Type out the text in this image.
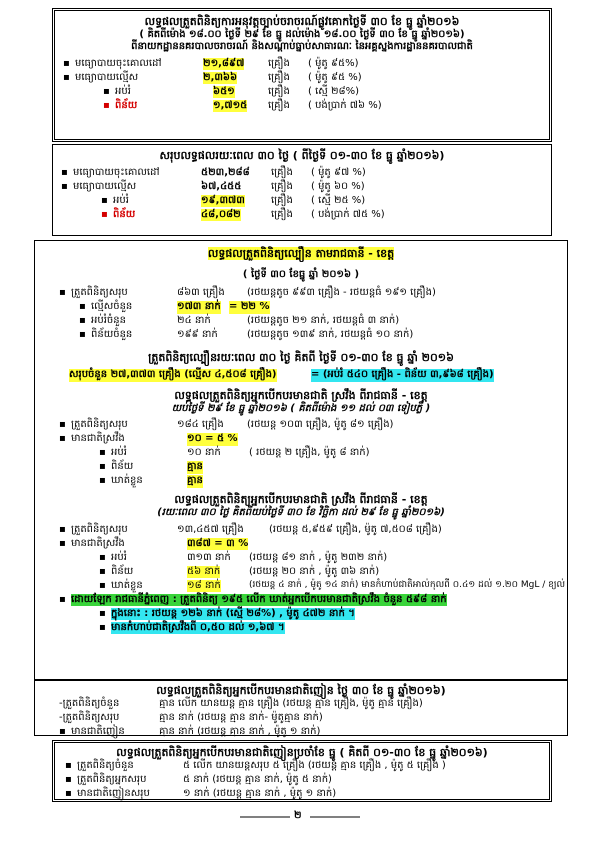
លទ្ធផលត្រួតពិនិត្យការអនុវត្តច្បាប់ចរាចរណ៍ផ្លូវគោកថ្ងៃទី ៣០ ខែ ធ្នូ ឆ្នាំ២០១៦
( គិតពីម៉ោង ១៨.០០ ថ្ងៃទី ២៩ ខែ ធ្នូ ដល់ម៉ោង ១៨.០០ ថ្ងៃទី ៣០ ខែ ធ្នូ ឆ្នាំ២០១៦)
ពីនាយកដ្ឋាននគរបាលចរាចរណ៍ និងសណ្តាប់ធ្នាប់សាធារណៈ នៃអគ្គស្នងការដ្ឋាននគរបាលជាតិ
▪ មធ្យោបាយចុះគោលដៅ	២១,៨៩៧ គ្រឿង ( ម៉ូតូ ៩៥%)
▪ មធ្យោបាយល្មើស	២,៣៦៦	គ្រឿង ( ម៉ូតូ ៩៥ %)
▪ អប់រំ	៦៥១	គ្រឿង ( ស្មើ ២៨%)
▪ ពិន័យ	១,៧១៥ គ្រឿង ( បង់ប្រាក់ ៧៦ %)
សរុបលទ្ធផលរយៈពេល ៣០ ថ្ងៃ ( ពីថ្ងៃទី ០១-៣០ ខែ ធ្នូ ឆ្នាំ២០១៦)
▪ មធ្យោបាយចុះគោលដៅ	៥២៣,២៨៨ គ្រឿង ( ម៉ូតូ ៩៧ %)
▪ មធ្យោបាយល្មើស	៦៧,៤៥៥	គ្រឿង ( ម៉ូតូ ៦០ %)
▪ អប់រំ	១៩,៣៧៣	គ្រឿង ( ស្មើ ២៥ %)
▪ ពិន័យ	៤៨,០៨២	គ្រឿង ( បង់ប្រាក់ ៧៥ %)
លទ្ធផលត្រួតពិនិត្យល្បឿន តាមរាជធានី - ខេត្ត
( ថ្ងៃទី ៣០ ខែធ្នូ ឆ្នាំ ២០១៦ )
▪ ត្រួតពិនិត្យសរុប	៨៦៣ គ្រឿង (រថយន្តតូច ៩៩៣ គ្រឿង - រថយន្តធំ ១៩១ គ្រឿង)
▪ ល្មើសចំនួន	១៧៣ នាក់ = ២២ %
▪ អប់រំចំនួន	២៤ នាក់	(រថយន្តតូច ២១ នាក់, រថយន្តធំ ៣ នាក់)
▪ ពិន័យចំនួន	១៩៩ នាក់	(រថយន្តតូច ១៣៩ នាក់, រថយន្តធំ ១០ នាក់)
ត្រួតពិនិត្យល្បឿនរយៈពេល ៣០ ថ្ងៃ គិតពី ថ្ងៃទី ០១-៣០ ខែ ធ្នូ ឆ្នាំ ២០១៦
សរុបចំនួន ២៧,៣៧៣ គ្រឿង (ល្មើស ៤,៥០៨ គ្រឿង)	= (អប់រំ ៥៤០ គ្រឿង - ពិន័យ ៣,៩៦៨ គ្រឿង)
លទ្ធផលត្រួតពិនិត្យអ្នកបើកបរមានជាតិ ស្រវឹង ពីរាជធានី - ខេត្ត
យប់ថ្ងៃទី ២៩ ខែ ធ្នូ ឆ្នាំ២០១៦ ( គិតពីម៉ោង ១១ ដល់ ០៣ ទៀបភ្លឺ )
▪ ត្រួតពិនិត្យសរុប	១៨៤ គ្រឿង (រថយន្ត ១០៣ គ្រឿង, ម៉ូតូ ៨១ គ្រឿង)
▪ មានជាតិស្រវឹង	១០ = ៥ %
▪ អប់រំ	១០ នាក់	( រថយន្ត ២ គ្រឿង, ម៉ូតូ ៨ នាក់)
▪ ពិន័យ	គ្មាន
▪ ឃាត់ខ្លួន	គ្មាន
លទ្ធផលត្រួតពិនិត្យអ្នកបើកបរមានជាតិ ស្រវឹង ពីរាជធានី - ខេត្ត
(រយៈពេល ៣០ ថ្ងៃ គិតពីយប់ថ្ងៃទី ៣០ ខែ វិច្ឆិកា ដល់ ២៩ ខែ ធ្នូ ឆ្នាំ២០១៦)
▪ ត្រួតពិនិត្យសរុប	១៣,៤៥៧ គ្រឿង	(រថយន្ត ៥,៩៥៩ គ្រឿង, ម៉ូតូ ៧,៥០៨ គ្រឿង)
▪ មានជាតិស្រវឹង	៣៨៧ = ៣ %
▪ អប់រំ	៣១៣ នាក់ (រថយន្ត ៨១ នាក់ , ម៉ូតូ ២៣២ នាក់)
▪ ពិន័យ	៥៦ នាក់	(រថយន្ត ២០ នាក់ , ម៉ូតូ ៣៦ នាក់)
▪ ឃាត់ខ្លួន	១៨ នាក់	(រថយន្ត ៤ នាក់ , ម៉ូតូ ១៤ នាក់) មានកំហាប់ជាតិអាល់កុលពី ០.៤១ ដល់ ១.២០ MgL / ខ្យល់
▪ ដោយឡែក រាជធានីភ្នំពេញ : ត្រួតពិនិត្យ ១៩៥ លើក ឃាត់អ្នកបើកបរមានជាតិស្រវឹង ចំនួន ៥៩៨ នាក់
▪ ក្នុងនោះ : រថយន្ត ១២៦ នាក់ (ស្មើ ២៨%) , ម៉ូតូ ៤៧២ នាក់ ។
▪ មានកំហាប់ជាតិស្រវឹងពី ០,៥០ ដល់ ១,៦៧ ។
លទ្ធផលត្រួតពិនិត្យអ្នកបើកបរមានជាតិញៀន ថ្ងៃ ៣០ ខែ ធ្នូ ឆ្នាំ២០១៦)
-ត្រួតពិនិត្យចំនួន	គ្មាន លើក យានយន្ត គ្មាន គ្រឿង (រថយន្ត គ្មាន គ្រឿង, ម៉ូតូ គ្មាន គ្រឿង)
-ត្រួតពិនិត្យសរុប	គ្មាន នាក់ (រថយន្ត គ្មាន នាក់- ម៉ូតូគ្មាន នាក់)
▪ មានជាតិញៀន	គ្មាន នាក់ (រថយន្ត គ្មាន នាក់ , ម៉ូតូ ១ នាក់)
លទ្ធផលត្រួតពិនិត្យអ្នកបើកបរមានជាតិញៀនប្រចាំខែ ធ្នូ ( គិតពី ០១-៣០ ខែ ធ្នូ ឆ្នាំ២០១៦)
▪ ត្រួតពិនិត្យចំនួន	៥ លើក យានយន្តសរុប ៥ គ្រឿង (រថយន្ត គ្មាន គ្រឿង , ម៉ូតូ ៥ គ្រឿង )
▪ ត្រួតពិនិត្យអ្នកសរុប	៥ នាក់ (រថយន្ត គ្មាន នាក់, ម៉ូតូ ៥ នាក់)
▪ មានជាតិញៀនសរុប	១ នាក់ (រថយន្ត គ្មាន នាក់ , ម៉ូតូ ១ នាក់)
២
